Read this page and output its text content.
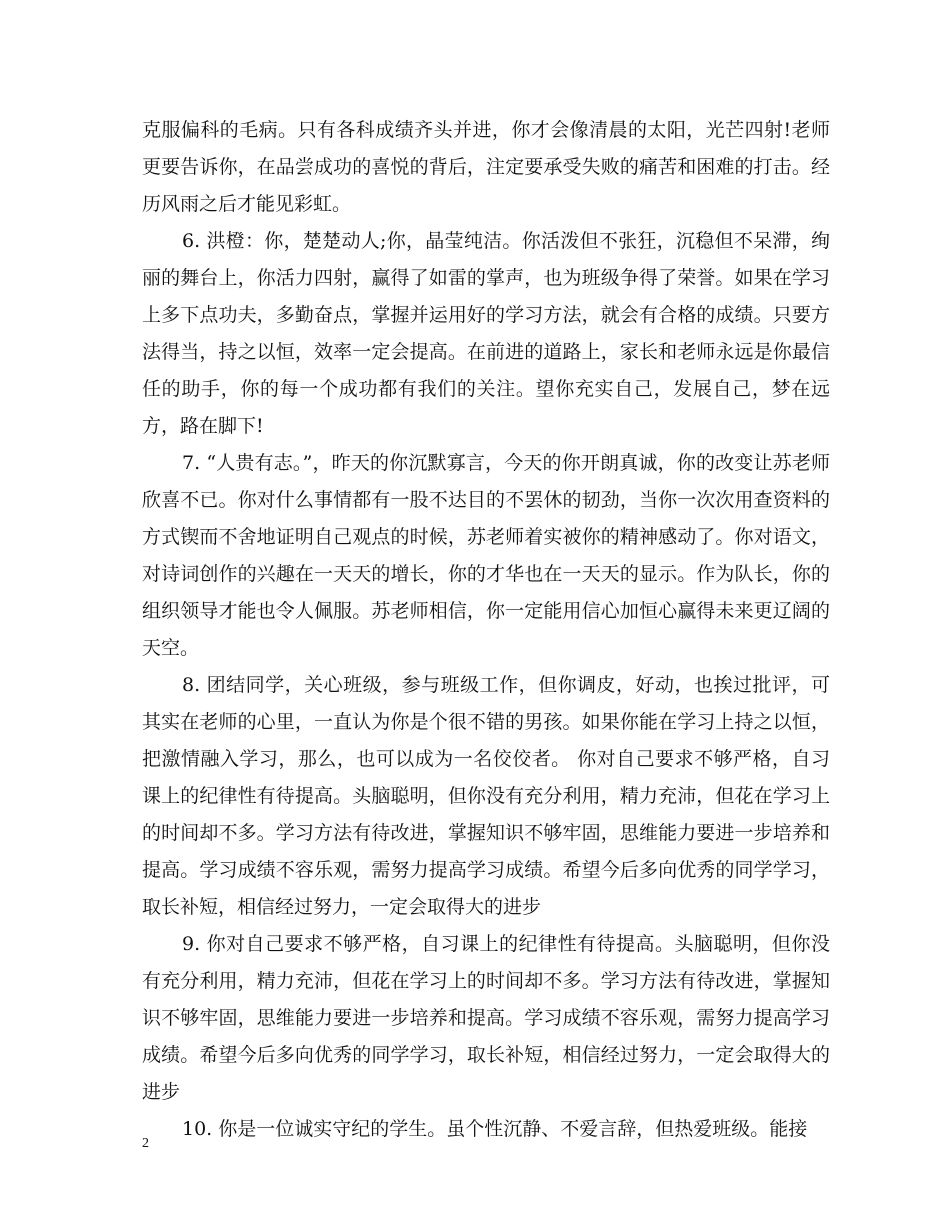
克服偏科的毛病。只有各科成绩齐头并进，你才会像清晨的太阳，光芒四射!老师更要告诉你，在品尝成功的喜悦的背后，注定要承受失败的痛苦和困难的打击。经历风雨之后才能见彩虹。

6. 洪橙：你，楚楚动人;你，晶莹纯洁。你活泼但不张狂，沉稳但不呆滞，绚丽的舞台上，你活力四射，赢得了如雷的掌声，也为班级争得了荣誉。如果在学习上多下点功夫，多勤奋点，掌握并运用好的学习方法，就会有合格的成绩。只要方法得当，持之以恒，效率一定会提高。在前进的道路上，家长和老师永远是你最信任的助手，你的每一个成功都有我们的关注。望你充实自己，发展自己，梦在远方，路在脚下!

7. “人贵有志。”，昨天的你沉默寡言，今天的你开朗真诚，你的改变让苏老师欣喜不已。你对什么事情都有一股不达目的不罢休的韧劲，当你一次次用查资料的方式锲而不舍地证明自己观点的时候，苏老师着实被你的精神感动了。你对语文，对诗词创作的兴趣在一天天的增长，你的才华也在一天天的显示。作为队长，你的组织领导才能也令人佩服。苏老师相信，你一定能用信心加恒心赢得未来更辽阔的天空。

8. 团结同学，关心班级，参与班级工作，但你调皮，好动，也挨过批评，可其实在老师的心里，一直认为你是个很不错的男孩。如果你能在学习上持之以恒，把激情融入学习，那么，也可以成为一名佼佼者。 你对自己要求不够严格，自习课上的纪律性有待提高。头脑聪明，但你没有充分利用，精力充沛，但花在学习上的时间却不多。学习方法有待改进，掌握知识不够牢固，思维能力要进一步培养和提高。学习成绩不容乐观，需努力提高学习成绩。希望今后多向优秀的同学学习，取长补短，相信经过努力，一定会取得大的进步

9. 你对自己要求不够严格，自习课上的纪律性有待提高。头脑聪明，但你没有充分利用，精力充沛，但花在学习上的时间却不多。学习方法有待改进，掌握知识不够牢固，思维能力要进一步培养和提高。学习成绩不容乐观，需努力提高学习成绩。希望今后多向优秀的同学学习，取长补短，相信经过努力，一定会取得大的进步

10. 你是一位诚实守纪的学生。虽个性沉静、不爱言辞，但热爱班级。能接

2
